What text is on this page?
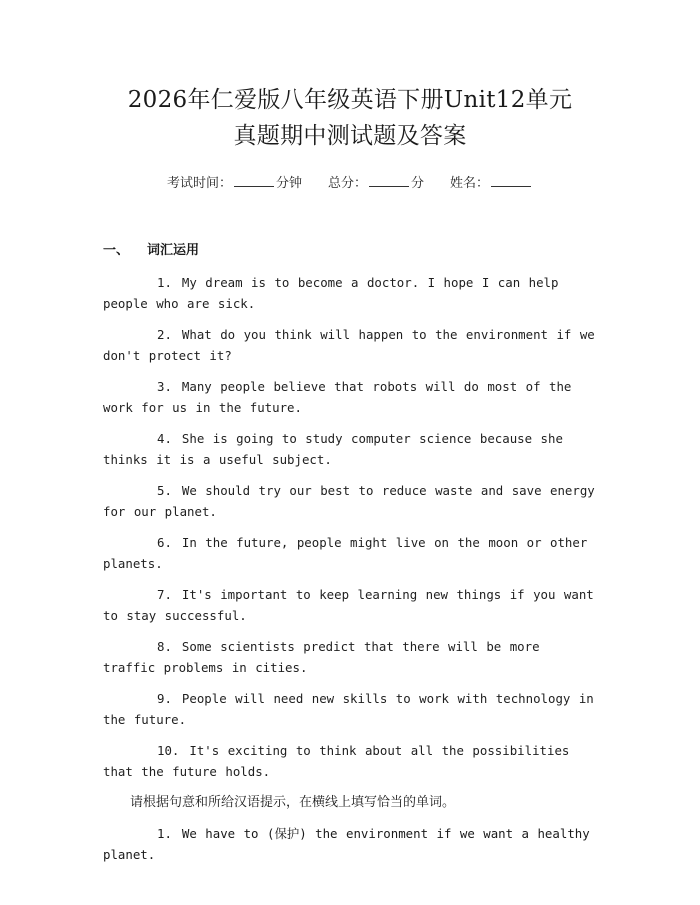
2026年仁爱版八年级英语下册Unit12单元
真题期中测试题及答案
考试时间：	分钟 总分：	分 姓名：
一、 词汇运用

1. My dream is to become a doctor. I hope I can help people who are sick.

2. What do you think will happen to the environment if we don't protect it?

3. Many people believe that robots will do most of the work for us in the future.

4. She is going to study computer science because she thinks it is a useful subject.

5. We should try our best to reduce waste and save energy for our planet.

6. In the future, people might live on the moon or other planets.

7. It's important to keep learning new things if you want to stay successful.

8. Some scientists predict that there will be more traffic problems in cities.

9. People will need new skills to work with technology in the future.

10. It's exciting to think about all the possibilities that the future holds.

请根据句意和所给汉语提示，在横线上填写恰当的单词。

1. We have to (保护) the environment if we want a healthy planet.
